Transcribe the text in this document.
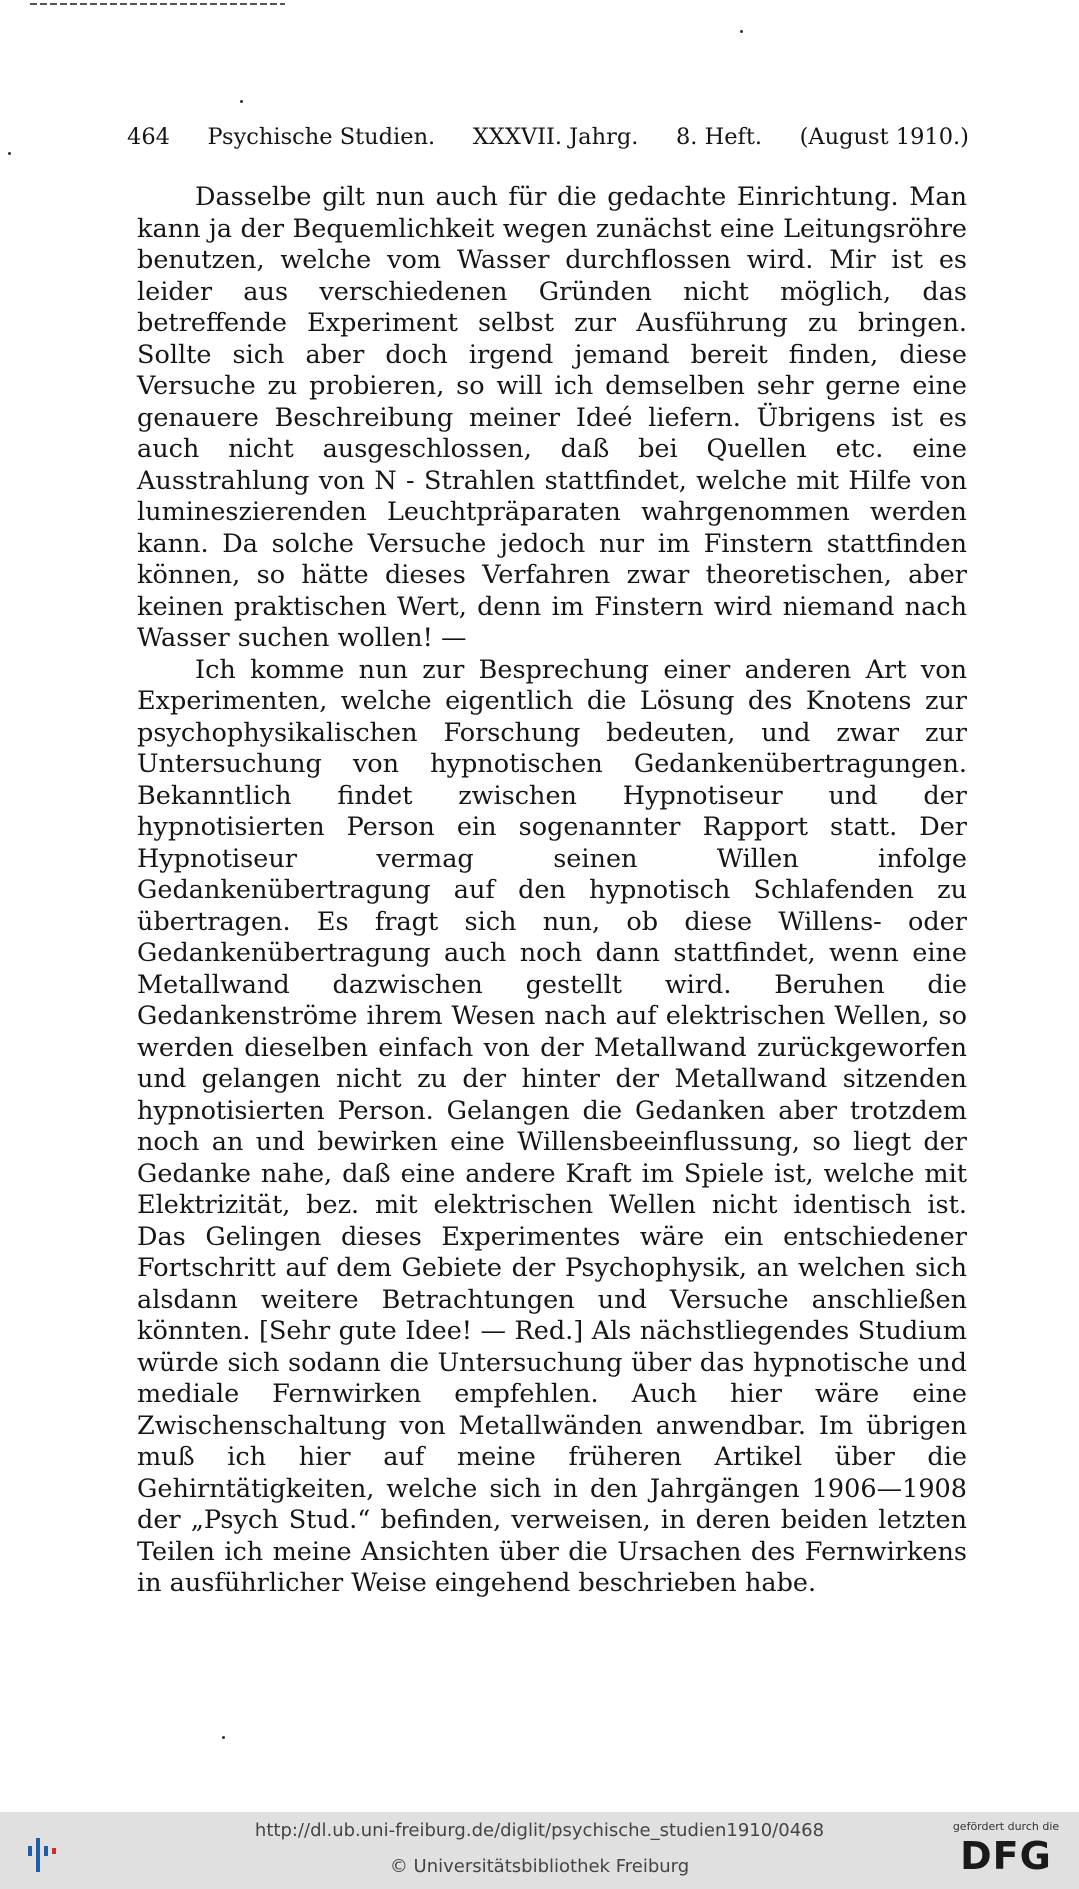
464 Psychische Studien. XXXVII. Jahrg. 8. Heft. (August 1910.)

Dasselbe gilt nun auch für die gedachte Einrichtung. Man kann ja der Bequemlichkeit wegen zunächst eine Leitungsröhre benutzen, welche vom Wasser durchflossen wird. Mir ist es leider aus verschiedenen Gründen nicht möglich, das betreffende Experiment selbst zur Ausführung zu bringen. Sollte sich aber doch irgend jemand bereit finden, diese Versuche zu probieren, so will ich demselben sehr gerne eine genauere Beschreibung meiner Ideé liefern. Übrigens ist es auch nicht ausgeschlossen, daß bei Quellen etc. eine Ausstrahlung von N - Strahlen stattfindet, welche mit Hilfe von lumineszierenden Leuchtpräparaten wahrgenommen werden kann. Da solche Versuche jedoch nur im Finstern stattfinden können, so hätte dieses Verfahren zwar theoretischen, aber keinen praktischen Wert, denn im Finstern wird niemand nach Wasser suchen wollen! —

Ich komme nun zur Besprechung einer anderen Art von Experimenten, welche eigentlich die Lösung des Knotens zur psychophysikalischen Forschung bedeuten, und zwar zur Untersuchung von hypnotischen Gedankenübertragungen. Bekanntlich findet zwischen Hypnotiseur und der hypnotisierten Person ein sogenannter Rapport statt. Der Hypnotiseur vermag seinen Willen infolge Gedankenübertragung auf den hypnotisch Schlafenden zu übertragen. Es fragt sich nun, ob diese Willens- oder Gedankenübertragung auch noch dann stattfindet, wenn eine Metallwand dazwischen gestellt wird. Beruhen die Gedankenströme ihrem Wesen nach auf elektrischen Wellen, so werden dieselben einfach von der Metallwand zurückgeworfen und gelangen nicht zu der hinter der Metallwand sitzenden hypnotisierten Person. Gelangen die Gedanken aber trotzdem noch an und bewirken eine Willensbeeinflussung, so liegt der Gedanke nahe, daß eine andere Kraft im Spiele ist, welche mit Elektrizität, bez. mit elektrischen Wellen nicht identisch ist. Das Gelingen dieses Experimentes wäre ein entschiedener Fortschritt auf dem Gebiete der Psychophysik, an welchen sich alsdann weitere Betrachtungen und Versuche anschließen könnten. [Sehr gute Idee! — Red.] Als nächstliegendes Studium würde sich sodann die Untersuchung über das hypnotische und mediale Fernwirken empfehlen. Auch hier wäre eine Zwischenschaltung von Metallwänden anwendbar. Im übrigen muß ich hier auf meine früheren Artikel über die Gehirntätigkeiten, welche sich in den Jahrgängen 1906—1908 der „Psych Stud.“ befinden, verweisen, in deren beiden letzten Teilen ich meine Ansichten über die Ursachen des Fernwirkens in ausführlicher Weise eingehend beschrieben habe.

http://dl.ub.uni-freiburg.de/diglit/psychische_studien1910/0468
© Universitätsbibliothek Freiburg
gefördert durch die
DFG
